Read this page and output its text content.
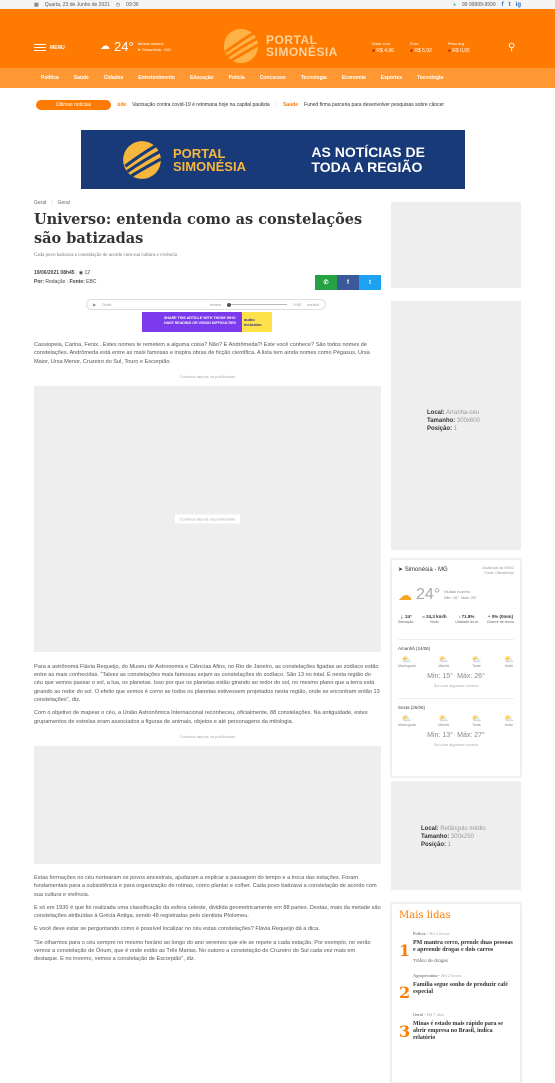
▦ Quarta, 23 de Junho de 2021 ◷ 09:36	● 99 99999-9999 f t ig
MENU	☁ 24° Muitas nuvens
➤ Simonésia - MG
PORTAL
SIMONÉSIA
Dólar com.
● R$ 4,96
Euro
● R$ 5,92
Peso Arg.
● R$ 0,05	⚲
Política	Saúde	Cidades	Entretenimento	Educação	Polícia	Concursos	Tecnologia	Economia	Esportes	Tecnologia
Últimas notícias	úde Vacinação contra covid-19 é retomana hoje na capital paulista | Saúde Funed firma parceria para desenvolver pesquisas sobre câncer
PORTAL
SIMONÉSIA
AS NOTÍCIAS DE
TODA A REGIÃO
Geral | Geral
Universo: entenda como as constelações são batizadas
Cada povo batizava a constelação de acordo com sua cultura e vivência
19/06/2021 08h45 | ◉ 12
Por: Redação | Fonte: EBC	✆	f	t
▶ Ouvir	entero	0:00 sonido
SHARE THIS ARTICLE WITH THOSE WHO HAVE READING OR VISION DIFFICULTIES
audio inclusion

Cassiopeia, Carina, Fenix...Estes nomes te remetem a alguma coisa? Não? E Andrômeda?! Este você conhece? São todos nomes de constelações. Andrômeda está entre as mais famosas e inspira obras de ficção científica. A lista tem ainda nomes como Pégasus, Ursa Maior, Ursa Menor, Cruzeiro do Sul, Touro e Escorpião.

Continua depois da publicidade
Continua depois da publicidade

Para a astrônoma Flávia Requeijo, do Museu de Astronomia e Ciências Afins, no Rio de Janeiro, as constelações ligadas ao zodíaco estão entre as mais conhecidas. "Talvez as constelações mais famosas sejam as constelações do zodíaco. São 13 no total. É nesta região do céu que vemos passar o sol, a lua, os planetas. Isso por que os planetas estão girando ao redor do sol, no mesmo plano que a terra está girando ao redor do sol. O efeito que vemos é como se todos os planetas estivessem projetados nesta região, onde se encontram então 13 constelações", diz.

Com o objetivo de mapear o céu, a União Astronômica Internacional reconheceu, oficialmente, 88 constelações. Na antiguidade, estes grupamentos de estrelas eram associados a figuras de animais, objetos e até personagens da mitologia.

Continua depois da publicidade

Estas formações no céu nortearam os povos ancestrais, ajudaram a explicar a passagem do tempo e a troca das estações. Foram fundamentais para a subsistência e para organização de rotinas, como plantar e colher. Cada povo batizava a constelação de acordo com sua cultura e vivência.

E só em 1930 é que foi realizada uma classificação da esfera celeste, dividida geometricamente em 88 partes. Destas, mais da metade são constelações atribuídas à Grécia Antiga, sendo 48 registradas pelo cientista Ptolomeu.

E você deve estar se perguntando como é possível localizar no céu estas constelações? Flávia Requeijo dá a dica.

"Se olharmos para o céu sempre no mesmo horário ao longo do ano veremos que ele se repete a cada estação. Por exemplo, no verão vemos a constelação de Órium, que é onde estão as Três Marias. No outono a constelação do Cruzeiro do Sul cada vez mais em destaque. E no inverno, vemos a constelação de Escorpião", diz.

Local: Arranha-céu
Tamanho: 300x600
Posição: 1
➤ Simonésia - MG	Atualizado às 09h22
Fonte: Climatempo
☁ 24° Muitas nuvens
Min: 16° Máx: 25°
🌡 24°
Sensação
≋ 24,3 km/h
Vento
◊ 71.8%
Umidade do ar
☂ 0% (0mm)
Chance de chuva
Amanhã (24/06)
⛅
Madrugada
⛅
Manhã
⛅
Tarde
⛅
Noite
Min: 15° Máx: 26°
Sol com algumas nuvens
Sexta (25/06)
⛅
Madrugada
⛅
Manhã
⛅
Tarde
⛅
Noite
Min: 13° Máx: 27°
Sol com algumas nuvens
Local: Retângulo médio
Tamanho: 300x250
Posição: 1
Mais lidas
1
Polícia - Há 2 horas
PM mantra cerco, prende duas pessoas e apreende drogas e dois carros
Tráfico de drogas
2
Agropecuária - Há 2 horas
Família segue sonho de produzir café especial
3
Geral - Há 7 dias
Minas é estado mais rápido para se abrir empresa no Brasil, indica relatório
